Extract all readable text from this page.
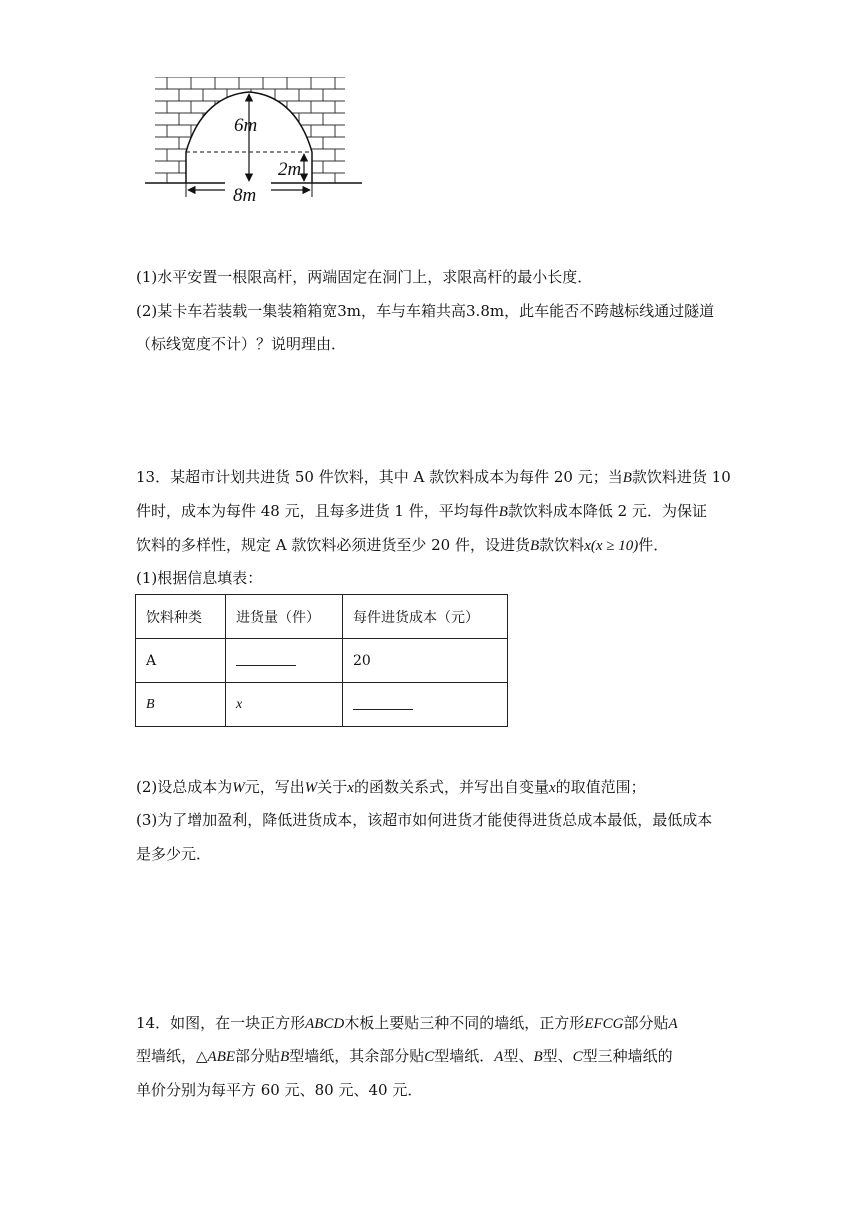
6m
2m
8m
(1)水平安置一根限高杆，两端固定在洞门上，求限高杆的最小长度．
(2)某卡车若装载一集装箱箱宽3m，车与车箱共高3.8m，此车能否不跨越标线通过隧道
（标线宽度不计）？说明理由．
13．某超市计划共进货 50 件饮料，其中 A 款饮料成本为每件 20 元；当B款饮料进货 10
件时，成本为每件 48 元，且每多进货 1 件，平均每件B款饮料成本降低 2 元．为保证
饮料的多样性，规定 A 款饮料必须进货至少 20 件，设进货B款饮料x(x ≥ 10)件．
(1)根据信息填表：
饮料种类	进货量（件）	每件进货成本（元）
A		20
B	x	
(2)设总成本为W元，写出W关于x的函数关系式，并写出自变量x的取值范围；
(3)为了增加盈利，降低进货成本，该超市如何进货才能使得进货总成本最低，最低成本
是多少元．
14．如图，在一块正方形ABCD木板上要贴三种不同的墙纸，正方形EFCG部分贴A
型墙纸，△ABE部分贴B型墙纸，其余部分贴C型墙纸．A型、B型、C型三种墙纸的
单价分别为每平方 60 元、80 元、40 元．
